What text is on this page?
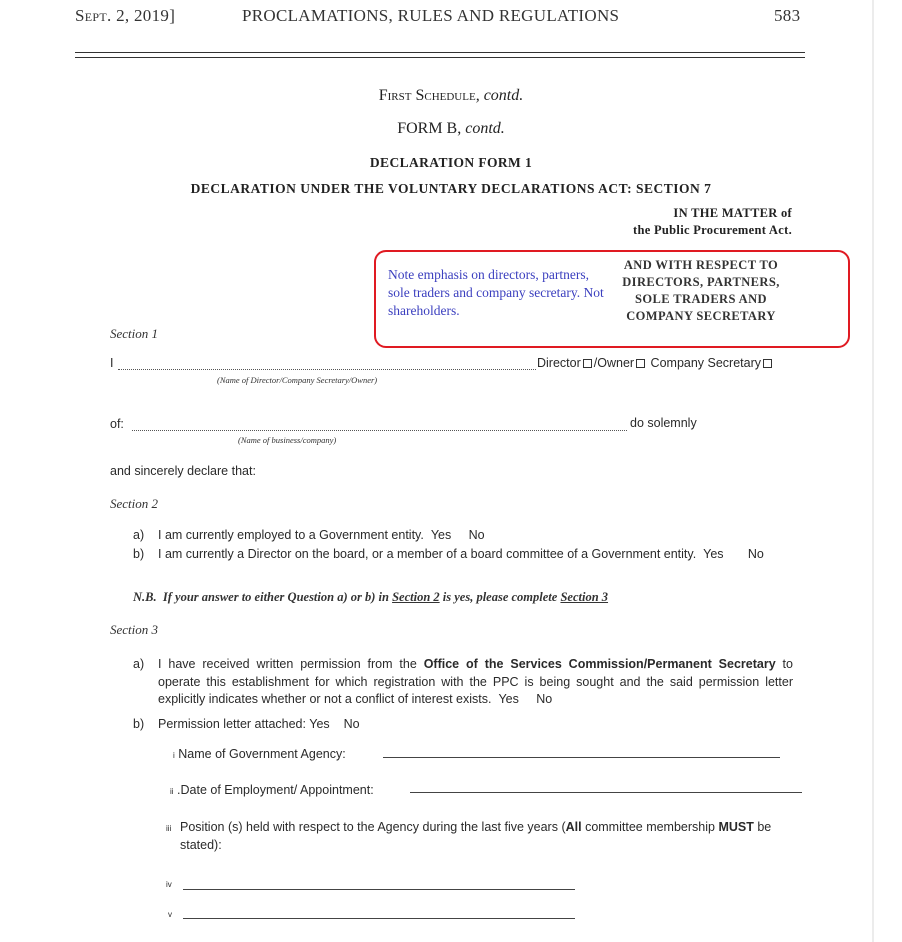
Sept. 2, 2019]	PROCLAMATIONS, RULES AND REGULATIONS	583
First Schedule, contd.
FORM B, contd.
DECLARATION FORM 1
DECLARATION UNDER THE VOLUNTARY DECLARATIONS ACT: SECTION 7
IN THE MATTER of
the Public Procurement Act.
Note emphasis on directors, partners, sole traders and company secretary. Not shareholders.
AND WITH RESPECT TO
DIRECTORS, PARTNERS,
SOLE TRADERS AND
COMPANY SECRETARY
Section 1
I	Director /Owner Company Secretary
(Name of Director/Company Secretary/Owner)
of:	do solemnly
(Name of business/company)
and sincerely declare that:
Section 2
a) I am currently employed to a Government entity. Yes No
b) I am currently a Director on the board, or a member of a board committee of a Government entity. Yes No
N.B. If your answer to either Question a) or b) in Section 2 is yes, please complete Section 3
Section 3
a) I have received written permission from the Office of the Services Commission/Permanent Secretary to operate this establishment for which registration with the PPC is being sought and the said permission letter explicitly indicates whether or not a conflict of interest exists. Yes No
b) Permission letter attached: Yes No
i Name of Government Agency:
ii .Date of Employment/ Appointment:
iii Position (s) held with respect to the Agency during the last five years (All committee membership MUST be stated):
iv
v
